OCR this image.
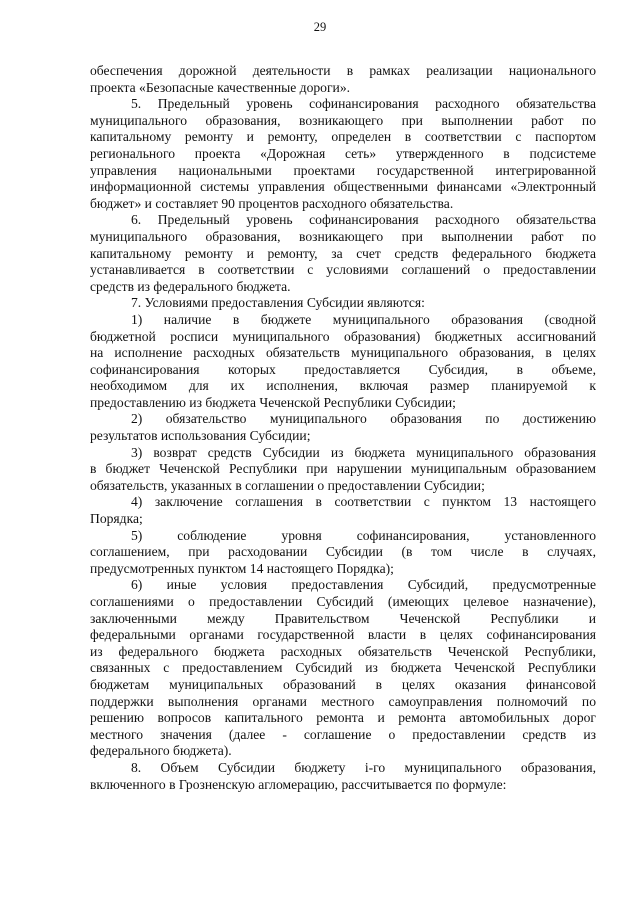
29
обеспечения дорожной деятельности в рамках реализации национального
проекта «Безопасные качественные дороги».
5. Предельный уровень софинансирования расходного обязательства
муниципального образования, возникающего при выполнении работ по
капитальному ремонту и ремонту, определен в соответствии с паспортом
регионального проекта «Дорожная сеть» утвержденного в подсистеме
управления национальными проектами государственной интегрированной
информационной системы управления общественными финансами «Электронный
бюджет» и составляет 90 процентов расходного обязательства.
6. Предельный уровень софинансирования расходного обязательства
муниципального образования, возникающего при выполнении работ по
капитальному ремонту и ремонту, за счет средств федерального бюджета
устанавливается в соответствии с условиями соглашений о предоставлении
средств из федерального бюджета.
7. Условиями предоставления Субсидии являются:
1) наличие в бюджете муниципального образования (сводной
бюджетной росписи муниципального образования) бюджетных ассигнований
на исполнение расходных обязательств муниципального образования, в целях
софинансирования которых предоставляется Субсидия, в объеме,
необходимом для их исполнения, включая размер планируемой к
предоставлению из бюджета Чеченской Республики Субсидии;
2) обязательство муниципального образования по достижению
результатов использования Субсидии;
3) возврат средств Субсидии из бюджета муниципального образования
в бюджет Чеченской Республики при нарушении муниципальным образованием
обязательств, указанных в соглашении о предоставлении Субсидии;
4) заключение соглашения в соответствии с пунктом 13 настоящего
Порядка;
5) соблюдение уровня софинансирования, установленного
соглашением, при расходовании Субсидии (в том числе в случаях,
предусмотренных пунктом 14 настоящего Порядка);
6) иные условия предоставления Субсидий, предусмотренные
соглашениями о предоставлении Субсидий (имеющих целевое назначение),
заключенными между Правительством Чеченской Республики и
федеральными органами государственной власти в целях софинансирования
из федерального бюджета расходных обязательств Чеченской Республики,
связанных с предоставлением Субсидий из бюджета Чеченской Республики
бюджетам муниципальных образований в целях оказания финансовой
поддержки выполнения органами местного самоуправления полномочий по
решению вопросов капитального ремонта и ремонта автомобильных дорог
местного значения (далее - соглашение о предоставлении средств из
федерального бюджета).
8. Объем Субсидии бюджету i-го муниципального образования,
включенного в Грозненскую агломерацию, рассчитывается по формуле:
